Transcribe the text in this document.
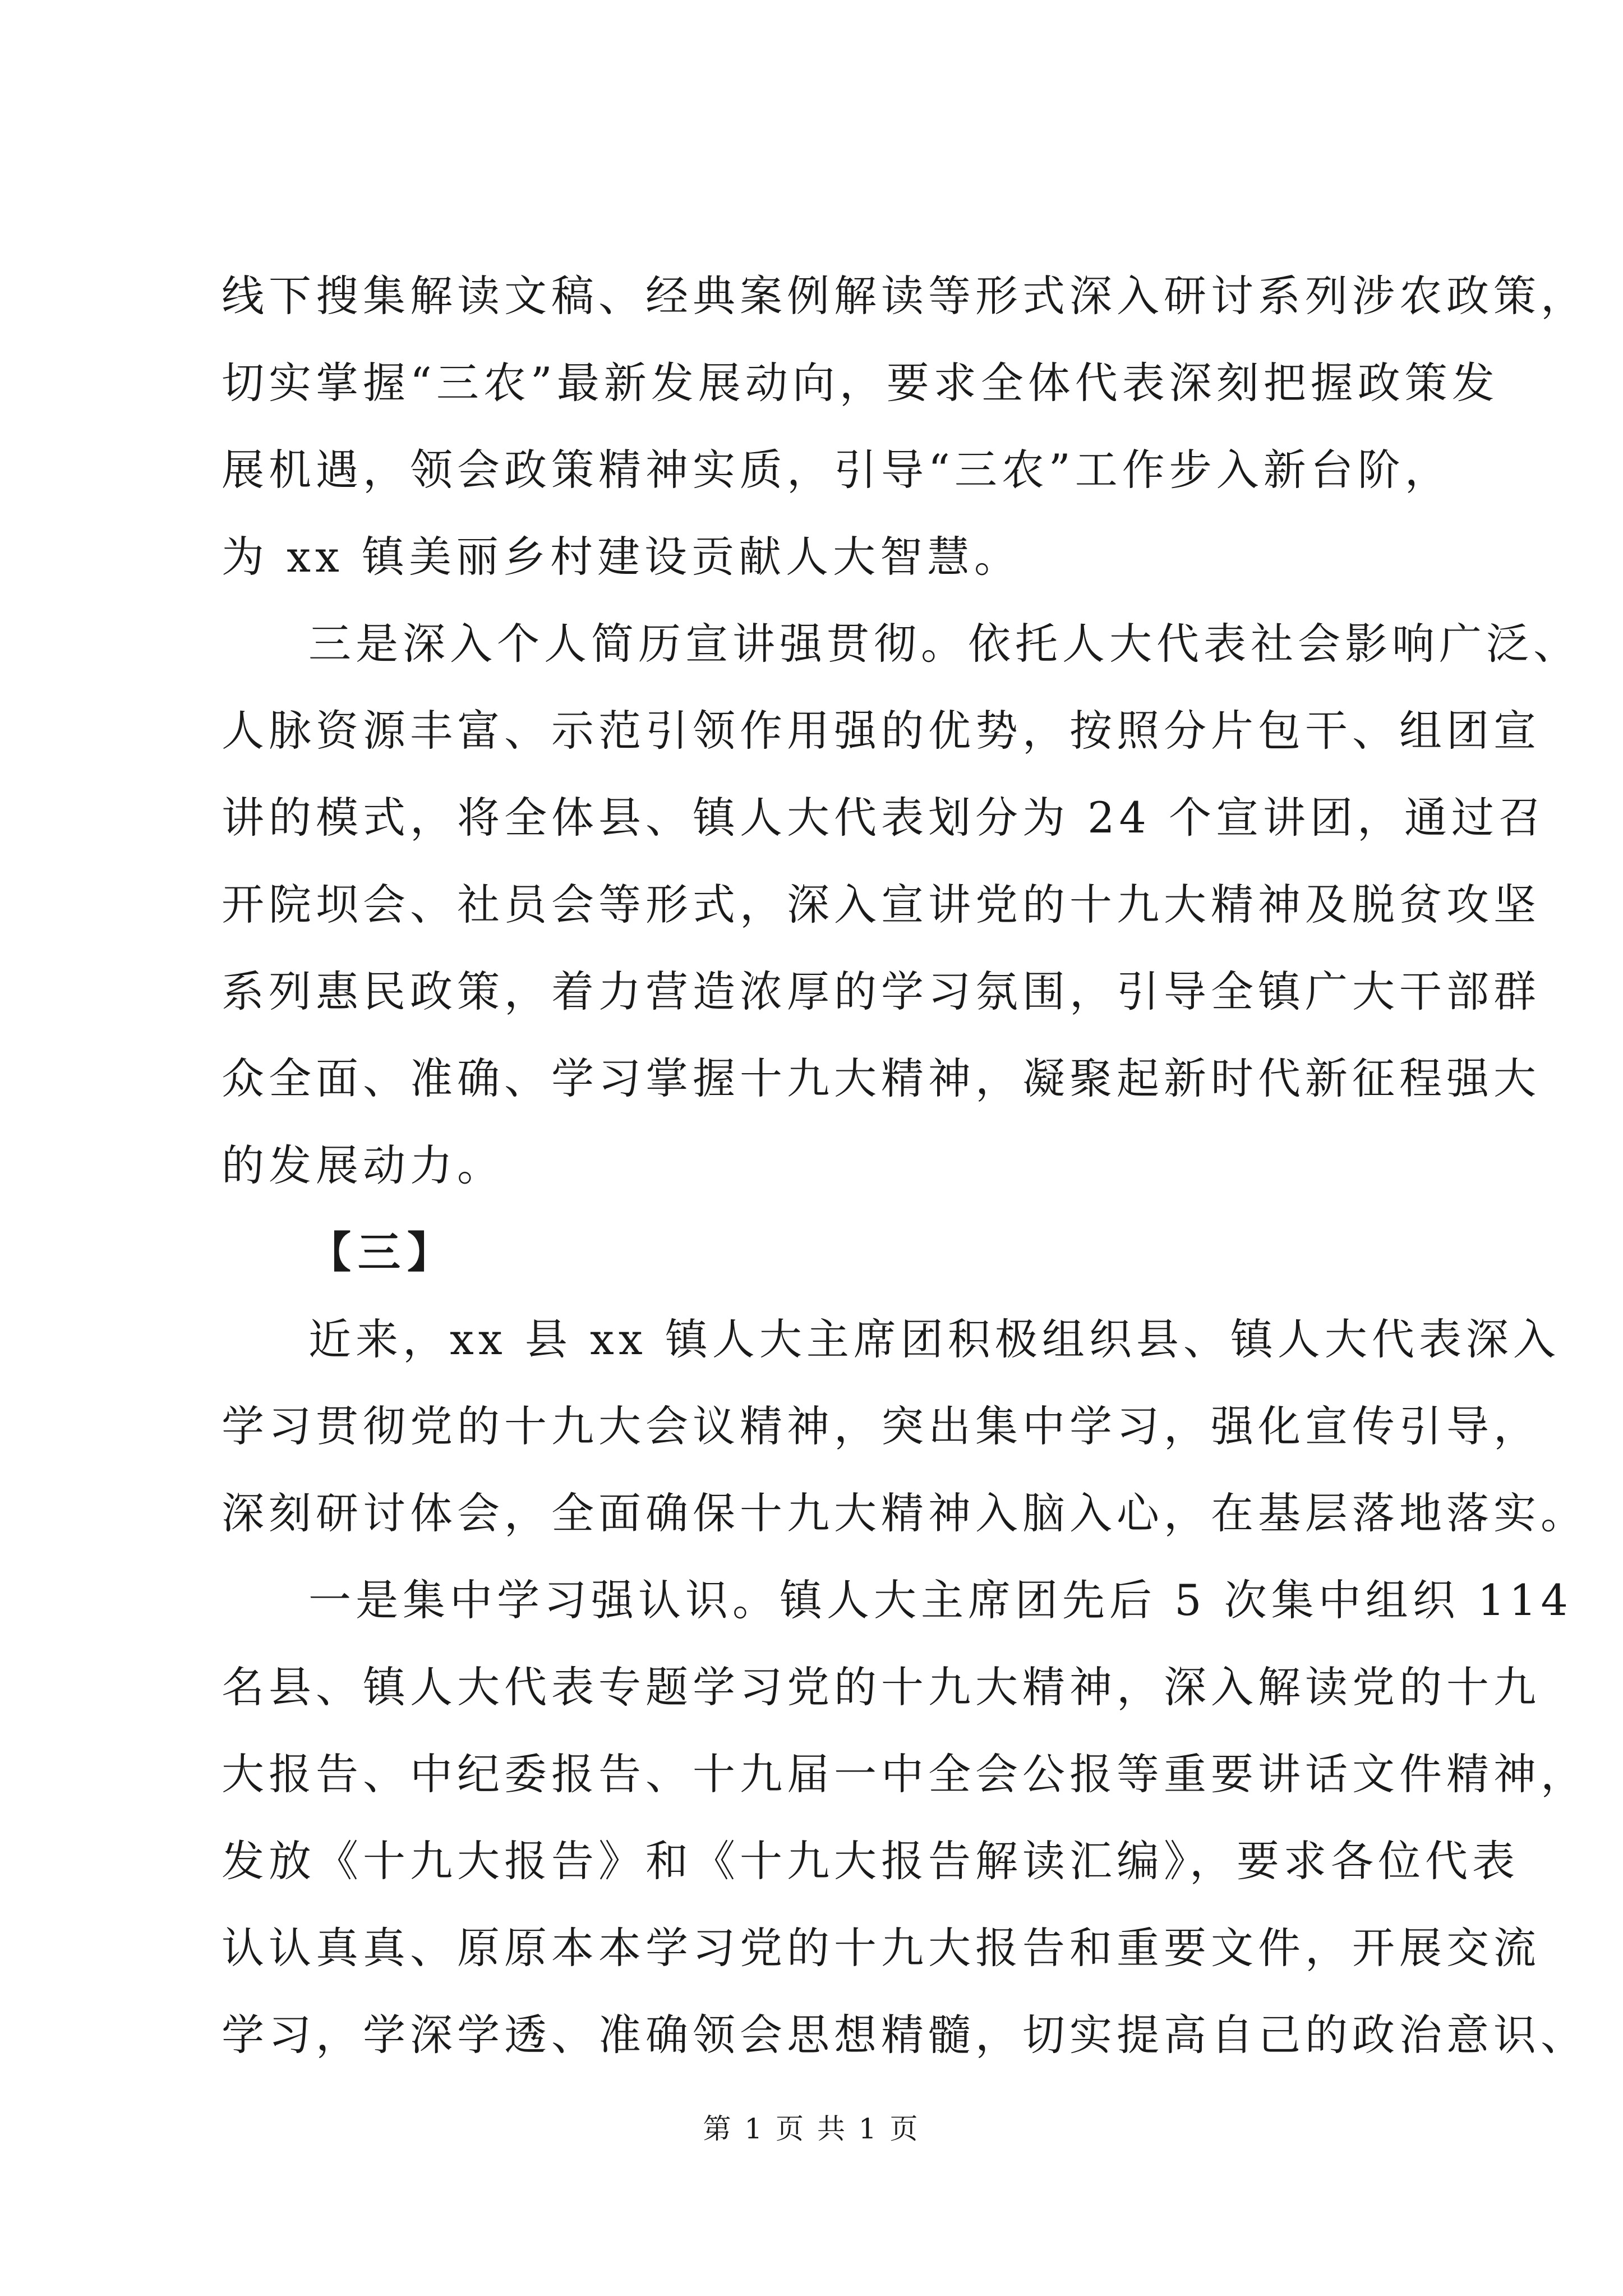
线下搜集解读文稿、经典案例解读等形式深入研讨系列涉农政策，
切实掌握“三农”最新发展动向，要求全体代表深刻把握政策发
展机遇，领会政策精神实质，引导“三农”工作步入新台阶，
为 xx 镇美丽乡村建设贡献人大智慧。
三是深入个人简历宣讲强贯彻。依托人大代表社会影响广泛、
人脉资源丰富、示范引领作用强的优势，按照分片包干、组团宣
讲的模式，将全体县、镇人大代表划分为 24 个宣讲团，通过召
开院坝会、社员会等形式，深入宣讲党的十九大精神及脱贫攻坚
系列惠民政策，着力营造浓厚的学习氛围，引导全镇广大干部群
众全面、准确、学习掌握十九大精神，凝聚起新时代新征程强大
的发展动力。
【三】
近来，xx 县 xx 镇人大主席团积极组织县、镇人大代表深入
学习贯彻党的十九大会议精神，突出集中学习，强化宣传引导，
深刻研讨体会，全面确保十九大精神入脑入心，在基层落地落实。
一是集中学习强认识。镇人大主席团先后 5 次集中组织 114
名县、镇人大代表专题学习党的十九大精神，深入解读党的十九
大报告、中纪委报告、十九届一中全会公报等重要讲话文件精神，
发放《十九大报告》和《十九大报告解读汇编》，要求各位代表
认认真真、原原本本学习党的十九大报告和重要文件，开展交流
学习，学深学透、准确领会思想精髓，切实提高自己的政治意识、
第 1 页 共 1 页
